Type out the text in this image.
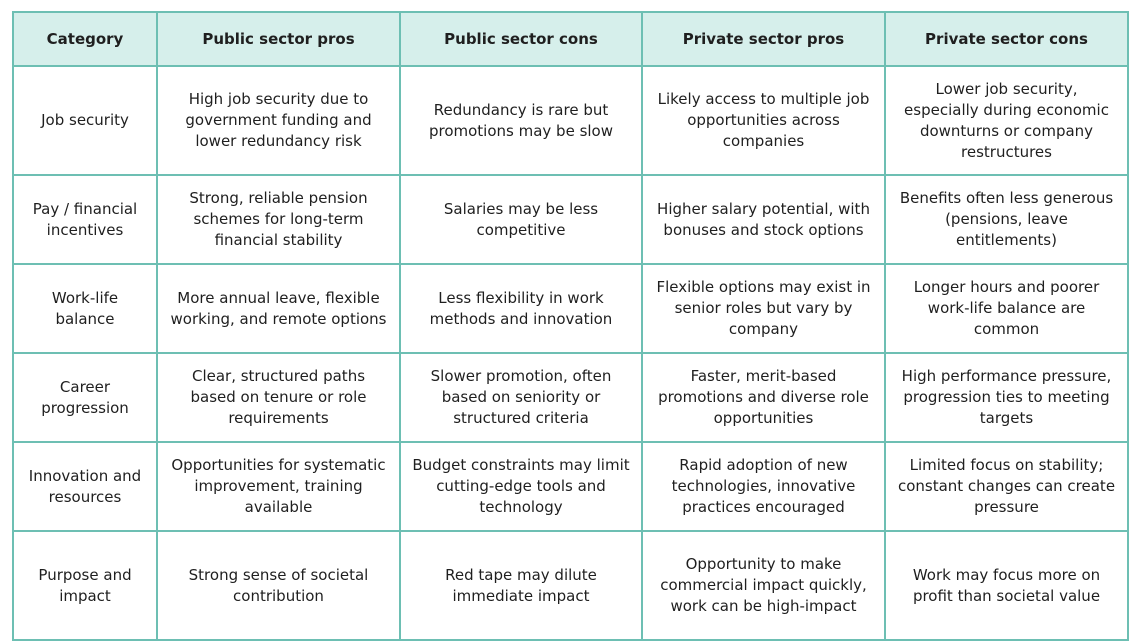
Category	Public sector pros	Public sector cons	Private sector pros	Private sector cons
Job security	High job security due to government funding and lower redundancy risk	Redundancy is rare but promotions may be slow	Likely access to multiple job opportunities across companies	Lower job security, especially during economic downturns or company restructures
Pay / financial incentives	Strong, reliable pension schemes for long-term financial stability	Salaries may be less competitive	Higher salary potential, with bonuses and stock options	Benefits often less generous (pensions, leave entitlements)
Work-life balance	More annual leave, flexible working, and remote options	Less flexibility in work methods and innovation	Flexible options may exist in senior roles but vary by company	Longer hours and poorer work-life balance are common
Career progression	Clear, structured paths based on tenure or role requirements	Slower promotion, often based on seniority or structured criteria	Faster, merit-based promotions and diverse role opportunities	High performance pressure, progression ties to meeting targets
Innovation and resources	Opportunities for systematic improvement, training available	Budget constraints may limit cutting-edge tools and technology	Rapid adoption of new technologies, innovative practices encouraged	Limited focus on stability; constant changes can create pressure
Purpose and impact	Strong sense of societal contribution	Red tape may dilute immediate impact	Opportunity to make commercial impact quickly, work can be high-impact	Work may focus more on profit than societal value
